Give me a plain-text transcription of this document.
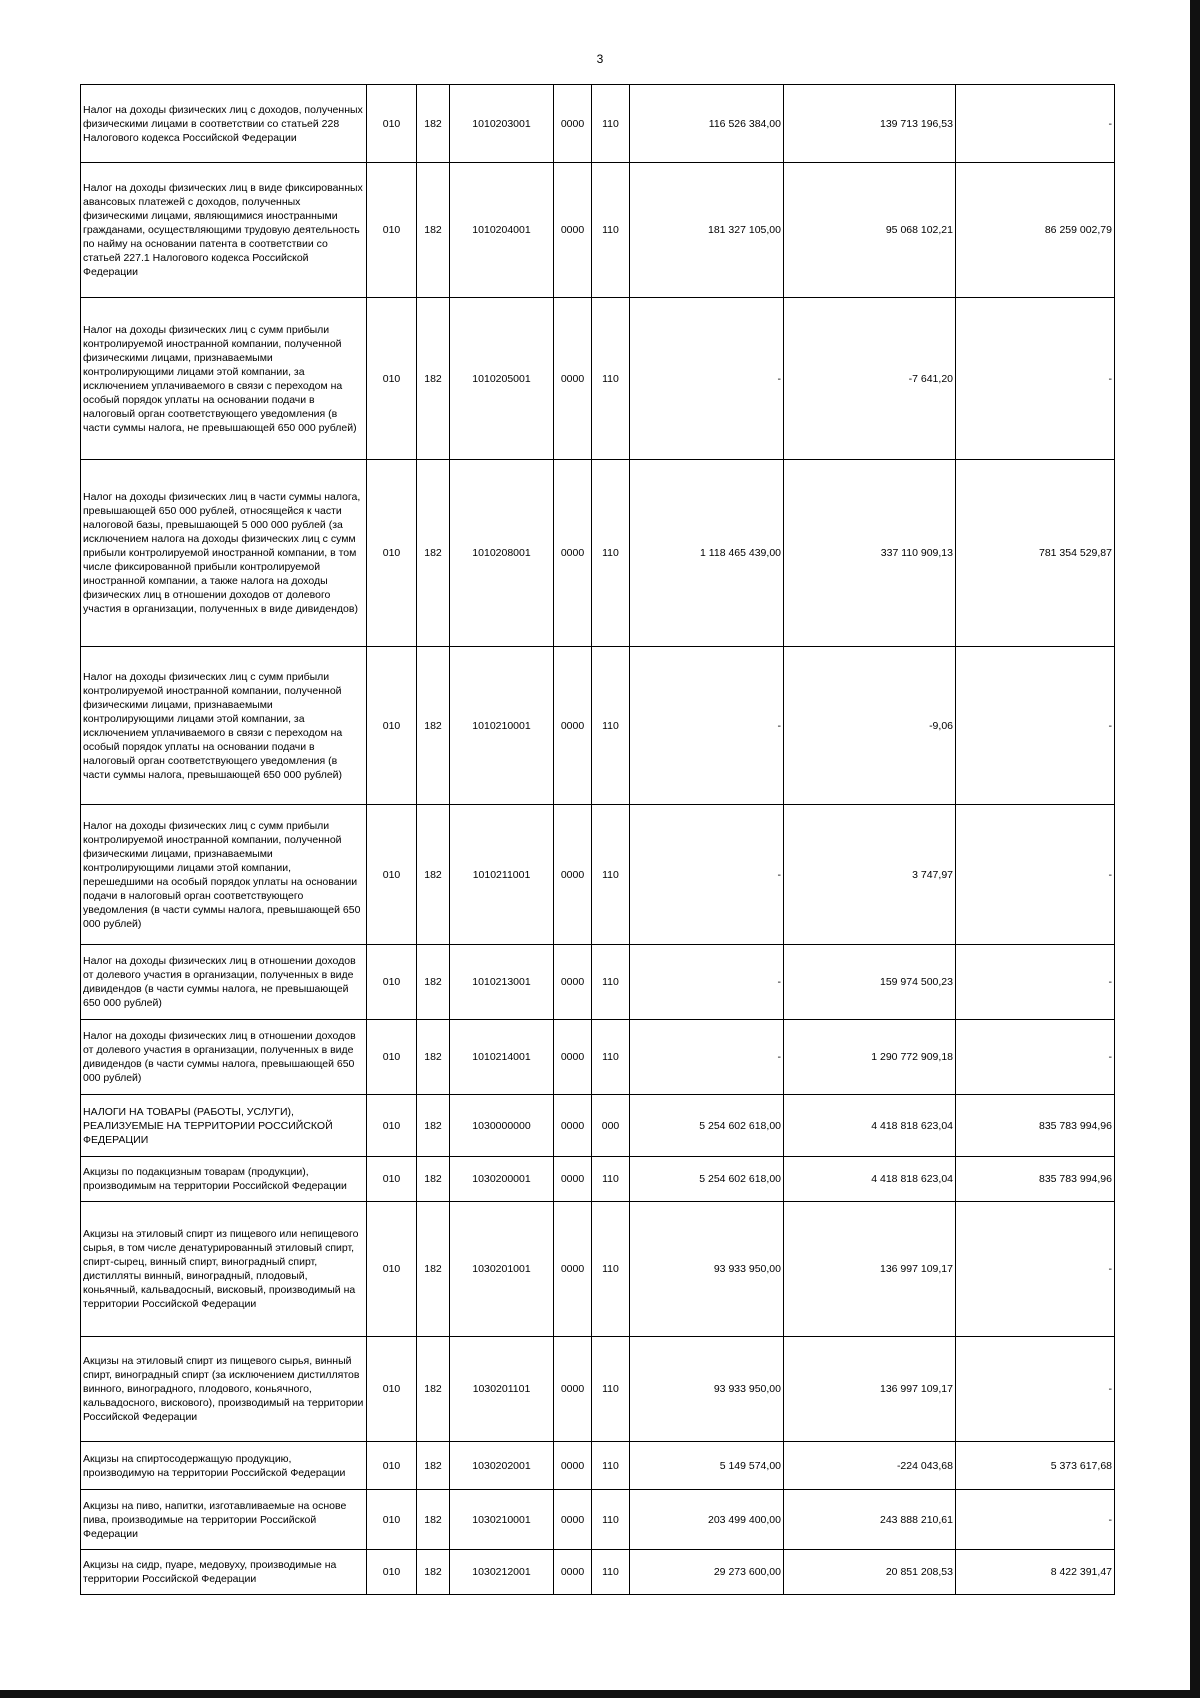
3
Налог на доходы физических лиц с доходов, полученных физическими лицами в соответствии со статьей 228 Налогового кодекса Российской Федерации	010	182	1010203001	0000	110	116 526 384,00	139 713 196,53	-
Налог на доходы физических лиц в виде фиксированных авансовых платежей с доходов, полученных физическими лицами, являющимися иностранными гражданами, осуществляющими трудовую деятельность по найму на основании патента в соответствии со статьей 227.1 Налогового кодекса Российской Федерации	010	182	1010204001	0000	110	181 327 105,00	95 068 102,21	86 259 002,79
Налог на доходы физических лиц с сумм прибыли контролируемой иностранной компании, полученной физическими лицами, признаваемыми контролирующими лицами этой компании, за исключением уплачиваемого в связи с переходом на особый порядок уплаты на основании подачи в налоговый орган соответствующего уведомления (в части суммы налога, не превышающей 650 000 рублей)	010	182	1010205001	0000	110	-	-7 641,20	-
Налог на доходы физических лиц в части суммы налога, превышающей 650 000 рублей, относящейся к части налоговой базы, превышающей 5 000 000 рублей (за исключением налога на доходы физических лиц с сумм прибыли контролируемой иностранной компании, в том числе фиксированной прибыли контролируемой иностранной компании, а также налога на доходы физических лиц в отношении доходов от долевого участия в организации, полученных в виде дивидендов)	010	182	1010208001	0000	110	1 118 465 439,00	337 110 909,13	781 354 529,87
Налог на доходы физических лиц с сумм прибыли контролируемой иностранной компании, полученной физическими лицами, признаваемыми контролирующими лицами этой компании, за исключением уплачиваемого в связи с переходом на особый порядок уплаты на основании подачи в налоговый орган соответствующего уведомления (в части суммы налога, превышающей 650 000 рублей)	010	182	1010210001	0000	110	-	-9,06	-
Налог на доходы физических лиц с сумм прибыли контролируемой иностранной компании, полученной физическими лицами, признаваемыми контролирующими лицами этой компании, перешедшими на особый порядок уплаты на основании подачи в налоговый орган соответствующего уведомления (в части суммы налога, превышающей 650 000 рублей)	010	182	1010211001	0000	110	-	3 747,97	-
Налог на доходы физических лиц в отношении доходов от долевого участия в организации, полученных в виде дивидендов (в части суммы налога, не превышающей 650 000 рублей)	010	182	1010213001	0000	110	-	159 974 500,23	-
Налог на доходы физических лиц в отношении доходов от долевого участия в организации, полученных в виде дивидендов (в части суммы налога, превышающей 650 000 рублей)	010	182	1010214001	0000	110	-	1 290 772 909,18	-
НАЛОГИ НА ТОВАРЫ (РАБОТЫ, УСЛУГИ), РЕАЛИЗУЕМЫЕ НА ТЕРРИТОРИИ РОССИЙСКОЙ ФЕДЕРАЦИИ	010	182	1030000000	0000	000	5 254 602 618,00	4 418 818 623,04	835 783 994,96
Акцизы по подакцизным товарам (продукции), производимым на территории Российской Федерации	010	182	1030200001	0000	110	5 254 602 618,00	4 418 818 623,04	835 783 994,96
Акцизы на этиловый спирт из пищевого или непищевого сырья, в том числе денатурированный этиловый спирт, спирт-сырец, винный спирт, виноградный спирт, дистилляты винный, виноградный, плодовый, коньячный, кальвадосный, висковый, производимый на территории Российской Федерации	010	182	1030201001	0000	110	93 933 950,00	136 997 109,17	-
Акцизы на этиловый спирт из пищевого сырья, винный спирт, виноградный спирт (за исключением дистиллятов винного, виноградного, плодового, коньячного, кальвадосного, вискового), производимый на территории Российской Федерации	010	182	1030201101	0000	110	93 933 950,00	136 997 109,17	-
Акцизы на спиртосодержащую продукцию, производимую на территории Российской Федерации	010	182	1030202001	0000	110	5 149 574,00	-224 043,68	5 373 617,68
Акцизы на пиво, напитки, изготавливаемые на основе пива, производимые на территории Российской Федерации	010	182	1030210001	0000	110	203 499 400,00	243 888 210,61	-
Акцизы на сидр, пуаре, медовуху, производимые на территории Российской Федерации	010	182	1030212001	0000	110	29 273 600,00	20 851 208,53	8 422 391,47
